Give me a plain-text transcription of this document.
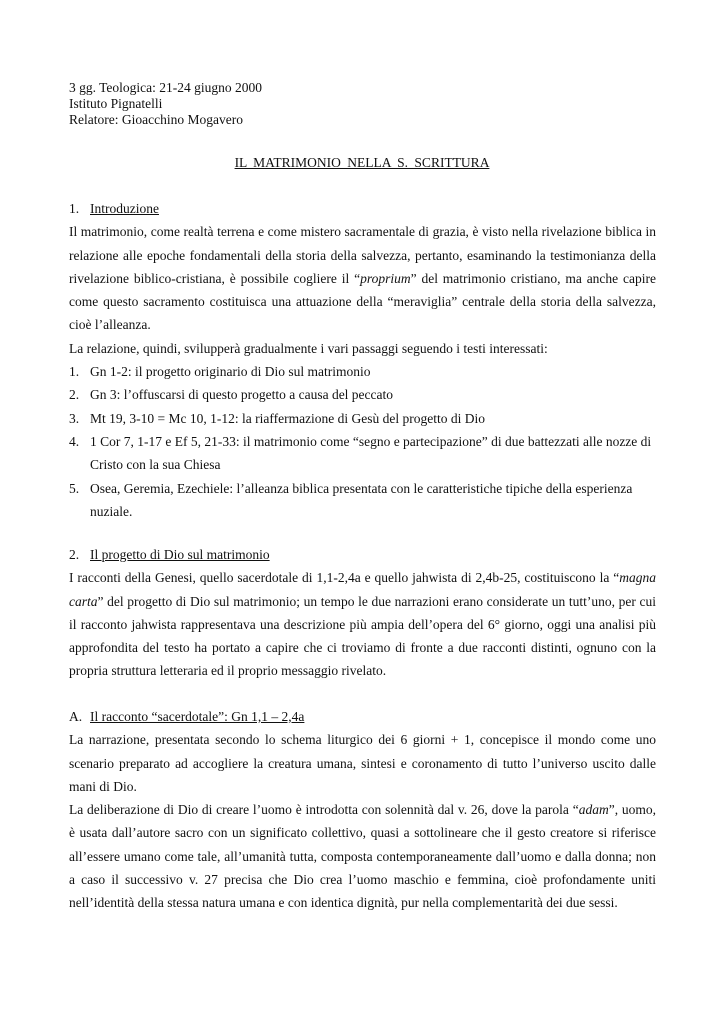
3 gg. Teologica: 21-24 giugno 2000
Istituto Pignatelli
Relatore: Gioacchino Mogavero
IL MATRIMONIO NELLA S. SCRITTURA

1. Introduzione

Il matrimonio, come realtà terrena e come mistero sacramentale di grazia, è visto nella rivelazione biblica in relazione alle epoche fondamentali della storia della salvezza, pertanto, esaminando la testimonianza della rivelazione biblico-cristiana, è possibile cogliere il “proprium” del matrimonio cristiano, ma anche capire come questo sacramento costituisca una attuazione della “meraviglia” centrale della storia della salvezza, cioè l’alleanza.

La relazione, quindi, svilupperà gradualmente i vari passaggi seguendo i testi interessati:

1. Gn 1-2: il progetto originario di Dio sul matrimonio
2. Gn 3: l’offuscarsi di questo progetto a causa del peccato
3. Mt 19, 3-10 = Mc 10, 1-12: la riaffermazione di Gesù del progetto di Dio
4. 1 Cor 7, 1-17 e Ef 5, 21-33: il matrimonio come “segno e partecipazione” di due battezzati alle nozze di Cristo con la sua Chiesa
5. Osea, Geremia, Ezechiele: l’alleanza biblica presentata con le caratteristiche tipiche della esperienza nuziale.

2. Il progetto di Dio sul matrimonio

I racconti della Genesi, quello sacerdotale di 1,1-2,4a e quello jahwista di 2,4b-25, costituiscono la “magna carta” del progetto di Dio sul matrimonio; un tempo le due narrazioni erano considerate un tutt’uno, per cui il racconto jahwista rappresentava una descrizione più ampia dell’opera del 6° giorno, oggi una analisi più approfondita del testo ha portato a capire che ci troviamo di fronte a due racconti distinti, ognuno con la propria struttura letteraria ed il proprio messaggio rivelato.

A. Il racconto “sacerdotale”: Gn 1,1 – 2,4a

La narrazione, presentata secondo lo schema liturgico dei 6 giorni + 1, concepisce il mondo come uno scenario preparato ad accogliere la creatura umana, sintesi e coronamento di tutto l’universo uscito dalle mani di Dio.

La deliberazione di Dio di creare l’uomo è introdotta con solennità dal v. 26, dove la parola “adam”, uomo, è usata dall’autore sacro con un significato collettivo, quasi a sottolineare che il gesto creatore si riferisce all’essere umano come tale, all’umanità tutta, composta contemporaneamente dall’uomo e dalla donna; non a caso il successivo v. 27 precisa che Dio crea l’uomo maschio e femmina, cioè profondamente uniti nell’identità della stessa natura umana e con identica dignità, pur nella complementarità dei due sessi.
